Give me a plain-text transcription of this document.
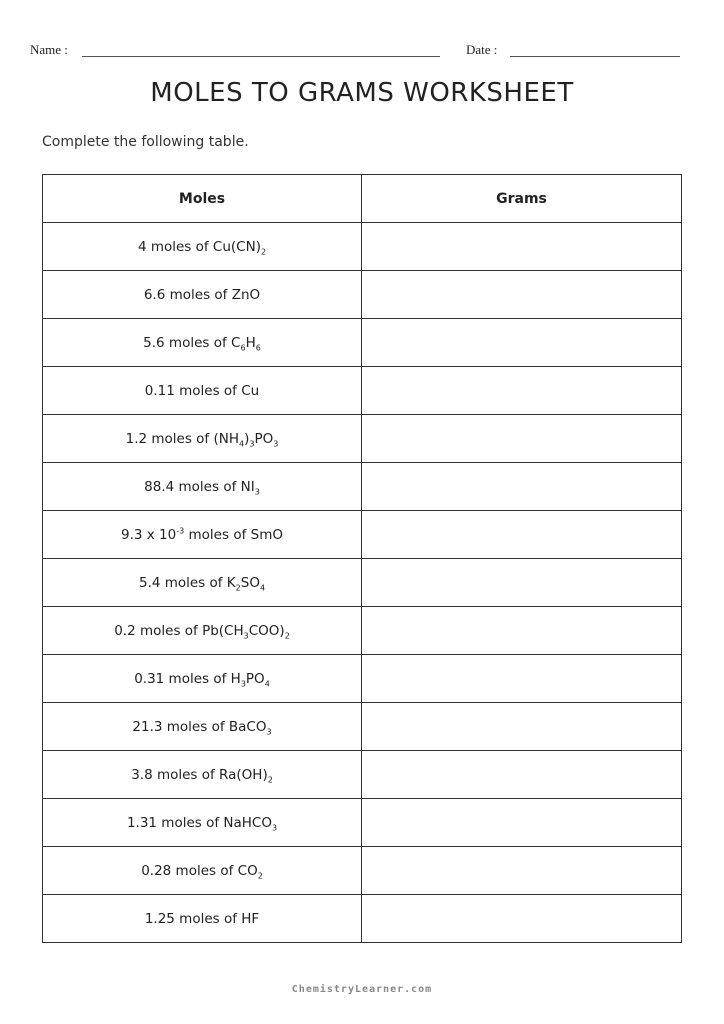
Name :	Date :
MOLES TO GRAMS WORKSHEET
Complete the following table.
Moles	Grams
4 moles of $Cu(CN)_2$	
6.6 moles of ZnO	
5.6 moles of $C_6H_6$	
0.11 moles of Cu	
1.2 moles of $(NH_4)_3PO_3$	
88.4 moles of $NI_3$	
9.3 x $10^{-3}$ moles of SmO	
5.4 moles of $K_2SO_4$	
0.2 moles of $Pb(CH_3COO)_2$	
0.31 moles of $H_3PO_4$	
21.3 moles of BaCO$_3$	
3.8 moles of $Ra(OH)_2$	
1.31 moles of NaHCO$_3$	
0.28 moles of $CO_2$	
1.25 moles of HF	
ChemistryLearner.com
